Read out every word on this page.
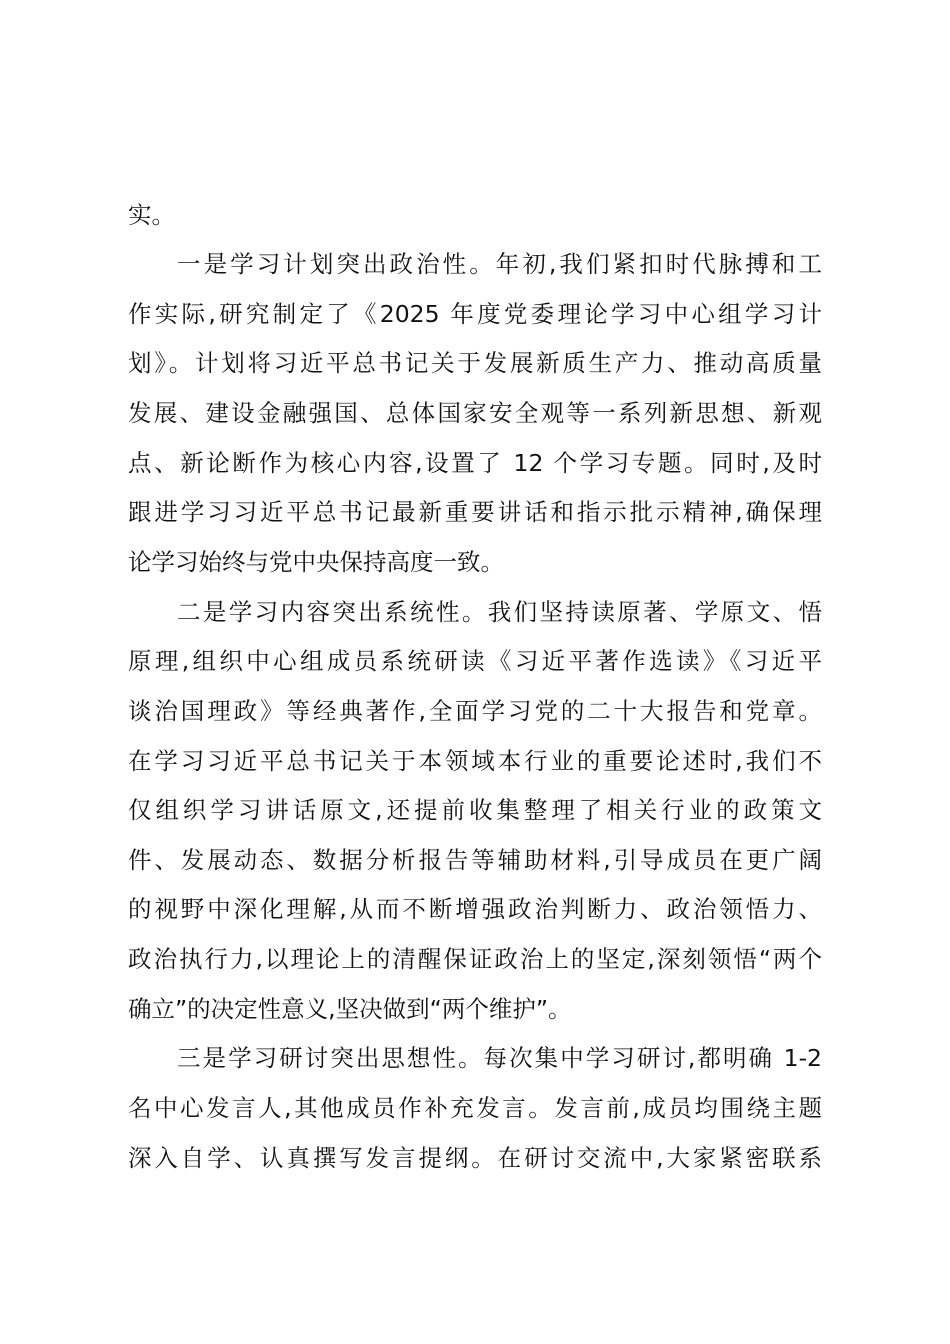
实。
一是学习计划突出政治性。年初,我们紧扣时代脉搏和工
作实际,研究制定了《2025 年度党委理论学习中心组学习计
划》。计划将习近平总书记关于发展新质生产力、推动高质量
发展、建设金融强国、总体国家安全观等一系列新思想、新观
点、新论断作为核心内容,设置了 12 个学习专题。同时,及时
跟进学习习近平总书记最新重要讲话和指示批示精神,确保理
论学习始终与党中央保持高度一致。
二是学习内容突出系统性。我们坚持读原著、学原文、悟
原理,组织中心组成员系统研读《习近平著作选读》《习近平
谈治国理政》等经典著作,全面学习党的二十大报告和党章。
在学习习近平总书记关于本领域本行业的重要论述时,我们不
仅组织学习讲话原文,还提前收集整理了相关行业的政策文
件、发展动态、数据分析报告等辅助材料,引导成员在更广阔
的视野中深化理解,从而不断增强政治判断力、政治领悟力、
政治执行力,以理论上的清醒保证政治上的坚定,深刻领悟“两个
确立”的决定性意义,坚决做到“两个维护”。
三是学习研讨突出思想性。每次集中学习研讨,都明确 1-2
名中心发言人,其他成员作补充发言。发言前,成员均围绕主题
深入自学、认真撰写发言提纲。在研讨交流中,大家紧密联系
